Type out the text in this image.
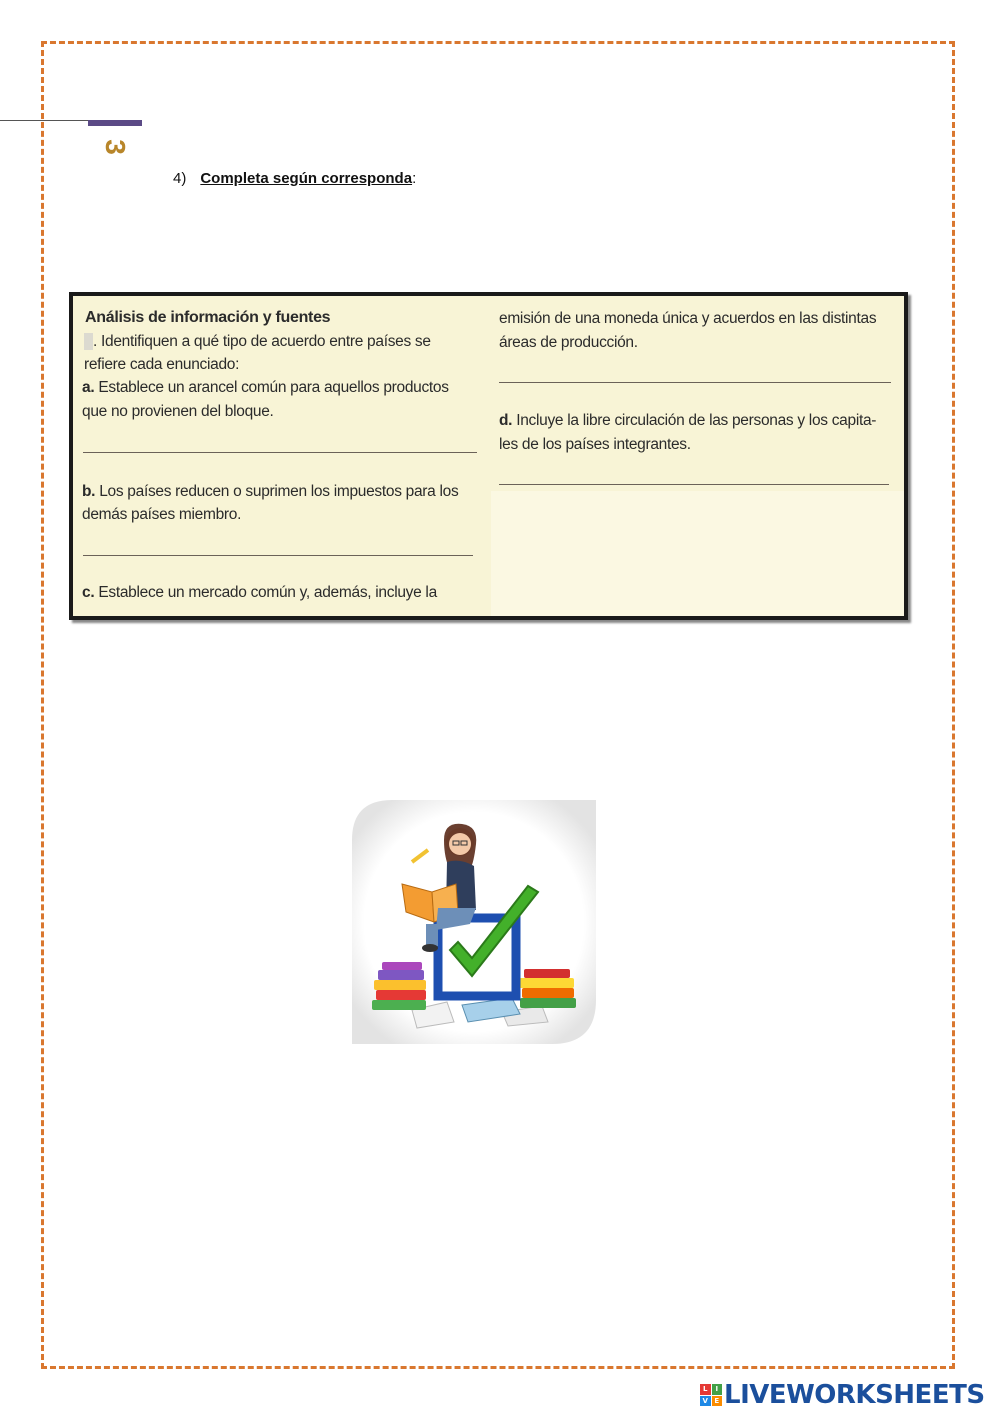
3
4) Completa según corresponda:
Análisis de información y fuentes
. Identifiquen a qué tipo de acuerdo entre países se
refiere cada enunciado:
a. Establece un arancel común para aquellos productos
que no provienen del bloque.
b. Los países reducen o suprimen los impuestos para los
demás países miembro.
c. Establece un mercado común y, además, incluye la
emisión de una moneda única y acuerdos en las distintas
áreas de producción.
d. Incluye la libre circulación de las personas y los capita-
les de los países integrantes.
L	I
V E LIVEWORKSHEETS
